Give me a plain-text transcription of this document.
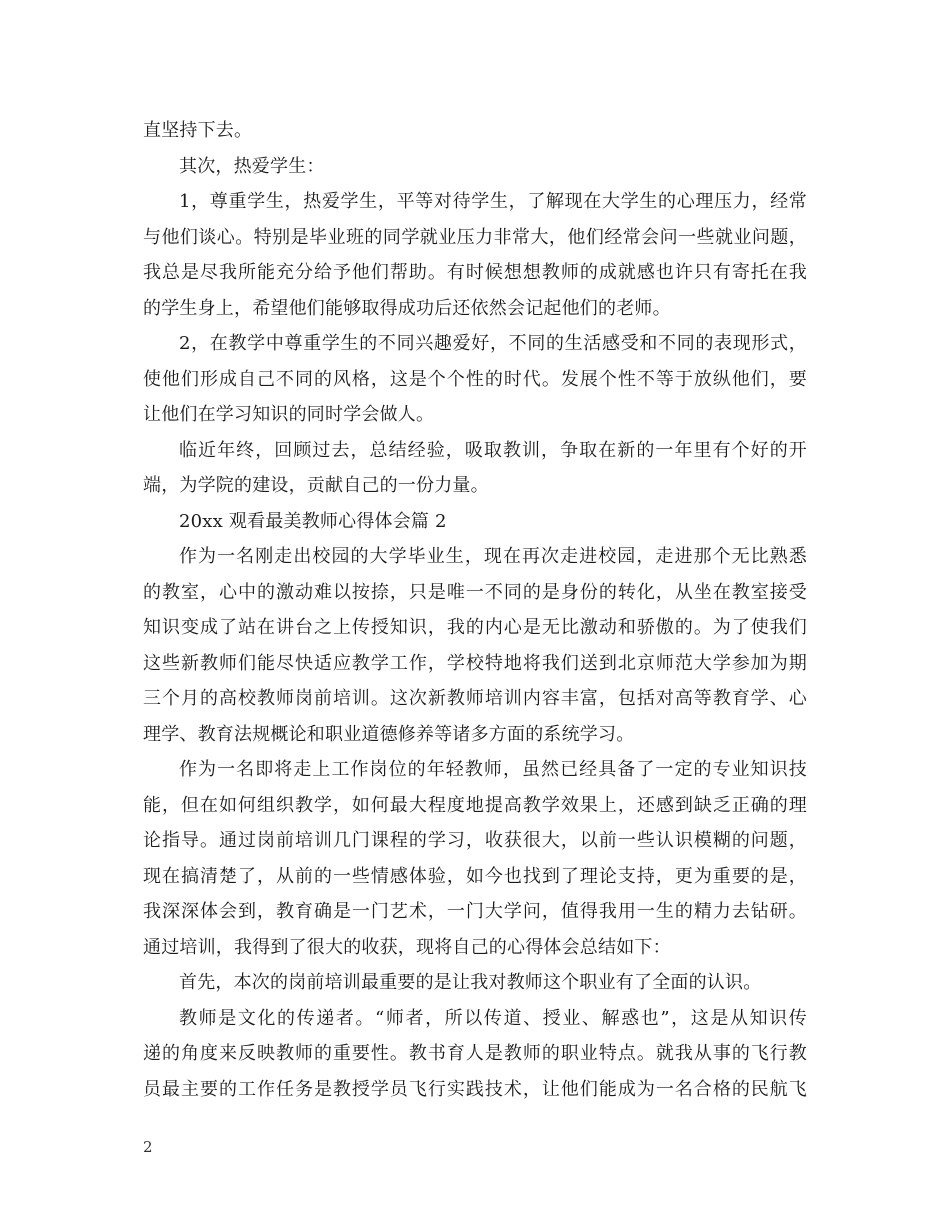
直坚持下去。
其次，热爱学生：
1，尊重学生，热爱学生，平等对待学生，了解现在大学生的心理压力，经常
与他们谈心。特别是毕业班的同学就业压力非常大，他们经常会问一些就业问题，
我总是尽我所能充分给予他们帮助。有时候想想教师的成就感也许只有寄托在我
的学生身上，希望他们能够取得成功后还依然会记起他们的老师。
2，在教学中尊重学生的不同兴趣爱好，不同的生活感受和不同的表现形式，
使他们形成自己不同的风格，这是个个性的时代。发展个性不等于放纵他们，要
让他们在学习知识的同时学会做人。
临近年终，回顾过去，总结经验，吸取教训，争取在新的一年里有个好的开
端，为学院的建设，贡献自己的一份力量。
20xx 观看最美教师心得体会篇 2
作为一名刚走出校园的大学毕业生，现在再次走进校园，走进那个无比熟悉
的教室，心中的激动难以按捺，只是唯一不同的是身份的转化，从坐在教室接受
知识变成了站在讲台之上传授知识，我的内心是无比激动和骄傲的。为了使我们
这些新教师们能尽快适应教学工作，学校特地将我们送到北京师范大学参加为期
三个月的高校教师岗前培训。这次新教师培训内容丰富，包括对高等教育学、心
理学、教育法规概论和职业道德修养等诸多方面的系统学习。
作为一名即将走上工作岗位的年轻教师，虽然已经具备了一定的专业知识技
能，但在如何组织教学，如何最大程度地提高教学效果上，还感到缺乏正确的理
论指导。通过岗前培训几门课程的学习，收获很大，以前一些认识模糊的问题，
现在搞清楚了，从前的一些情感体验，如今也找到了理论支持，更为重要的是，
我深深体会到，教育确是一门艺术，一门大学问，值得我用一生的精力去钻研。
通过培训，我得到了很大的收获，现将自己的心得体会总结如下：
首先，本次的岗前培训最重要的是让我对教师这个职业有了全面的认识。
教师是文化的传递者。“师者，所以传道、授业、解惑也”，这是从知识传
递的角度来反映教师的重要性。教书育人是教师的职业特点。就我从事的飞行教
员最主要的工作任务是教授学员飞行实践技术，让他们能成为一名合格的民航飞
2
